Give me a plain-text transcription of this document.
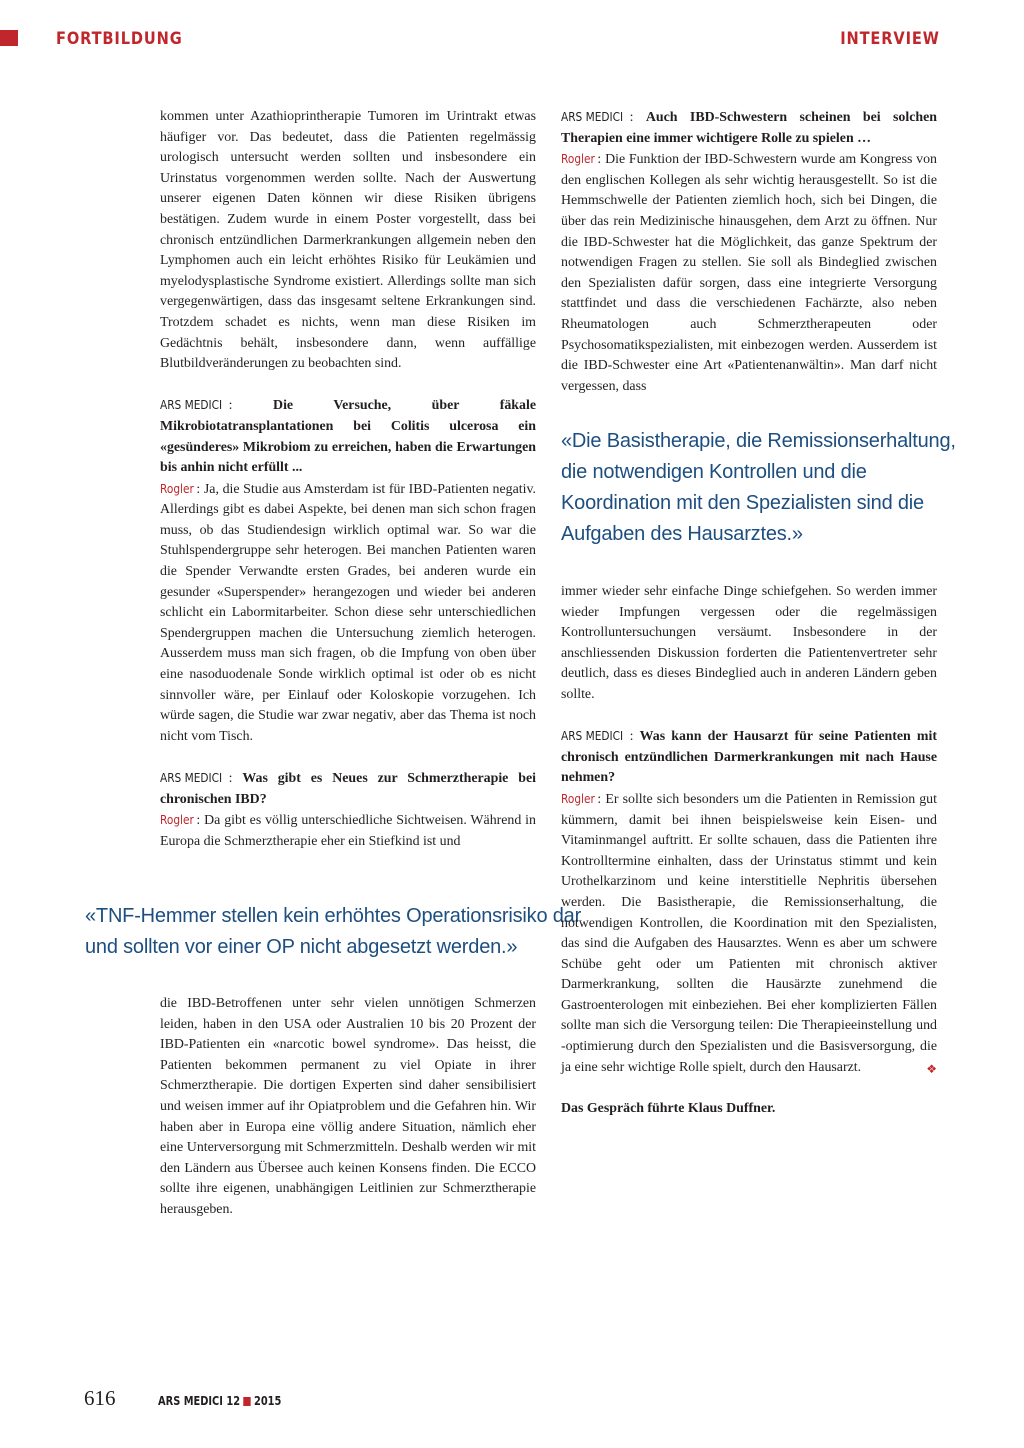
FORTBILDUNG	INTERVIEW

kommen unter Azathioprintherapie Tumoren im Urintrakt etwas häufiger vor. Das bedeutet, dass die Patienten regelmässig urologisch untersucht werden sollten und insbesondere ein Urinstatus vorgenommen werden sollte. Nach der Auswertung unserer eigenen Daten können wir diese Risiken übrigens bestätigen. Zudem wurde in einem Poster vorgestellt, dass bei chronisch entzündlichen Darmerkrankungen allgemein neben den Lymphomen auch ein leicht erhöhtes Risiko für Leukämien und myelodysplastische Syndrome existiert. Allerdings sollte man sich vergegenwärtigen, dass das insgesamt seltene Erkrankungen sind. Trotzdem schadet es nichts, wenn man diese Risiken im Gedächtnis behält, insbesondere dann, wenn auffällige Blutbildveränderungen zu beobachten sind.

ARS MEDICI : Die Versuche, über fäkale Mikrobiotatransplantationen bei Colitis ulcerosa ein «gesünderes» Mikrobiom zu erreichen, haben die Erwartungen bis anhin nicht erfüllt ...

Rogler : Ja, die Studie aus Amsterdam ist für IBD-Patienten negativ. Allerdings gibt es dabei Aspekte, bei denen man sich schon fragen muss, ob das Studiendesign wirklich optimal war. So war die Stuhlspendergruppe sehr heterogen. Bei manchen Patienten waren die Spender Verwandte ersten Grades, bei anderen wurde ein gesunder «Superspender» herangezogen und wieder bei anderen schlicht ein Labormitarbeiter. Schon diese sehr unterschiedlichen Spendergruppen machen die Untersuchung ziemlich heterogen. Ausserdem muss man sich fragen, ob die Impfung von oben über eine nasoduodenale Sonde wirklich optimal ist oder ob es nicht sinnvoller wäre, per Einlauf oder Koloskopie vorzugehen. Ich würde sagen, die Studie war zwar negativ, aber das Thema ist noch nicht vom Tisch.

ARS MEDICI : Was gibt es Neues zur Schmerztherapie bei chronischen IBD?

Rogler : Da gibt es völlig unterschiedliche Sichtweisen. Während in Europa die Schmerztherapie eher ein Stiefkind ist und

«TNF-Hemmer stellen kein erhöhtes Operationsrisiko dar und sollten vor einer OP nicht abgesetzt werden.»

die IBD-Betroffenen unter sehr vielen unnötigen Schmerzen leiden, haben in den USA oder Australien 10 bis 20 Prozent der IBD-Patienten ein «narcotic bowel syndrome». Das heisst, die Patienten bekommen permanent zu viel Opiate in ihrer Schmerztherapie. Die dortigen Experten sind daher sensibilisiert und weisen immer auf ihr Opiatproblem und die Gefahren hin. Wir haben aber in Europa eine völlig andere Situation, nämlich eher eine Unterversorgung mit Schmerzmitteln. Deshalb werden wir mit den Ländern aus Übersee auch keinen Konsens finden. Die ECCO sollte ihre eigenen, unabhängigen Leitlinien zur Schmerztherapie herausgeben.

ARS MEDICI : Auch IBD-Schwestern scheinen bei solchen Therapien eine immer wichtigere Rolle zu spielen …

Rogler : Die Funktion der IBD-Schwestern wurde am Kongress von den englischen Kollegen als sehr wichtig herausgestellt. So ist die Hemmschwelle der Patienten ziemlich hoch, sich bei Dingen, die über das rein Medizinische hinausgehen, dem Arzt zu öffnen. Nur die IBD-Schwester hat die Möglichkeit, das ganze Spektrum der notwendigen Fragen zu stellen. Sie soll als Bindeglied zwischen den Spezialisten dafür sorgen, dass eine integrierte Versorgung stattfindet und dass die verschiedenen Fachärzte, also neben Rheumatologen auch Schmerztherapeuten oder Psychosomatikspezialisten, mit einbezogen werden. Ausserdem ist die IBD-Schwester eine Art «Patientenanwältin». Man darf nicht vergessen, dass

«Die Basistherapie, die Remissionserhaltung, die notwendigen Kontrollen und die Koordination mit den Spezialisten sind die Aufgaben des Hausarztes.»

immer wieder sehr einfache Dinge schiefgehen. So werden immer wieder Impfungen vergessen oder die regelmässigen Kontrolluntersuchungen versäumt. Insbesondere in der anschliessenden Diskussion forderten die Patientenvertreter sehr deutlich, dass es dieses Bindeglied auch in anderen Ländern geben sollte.

ARS MEDICI : Was kann der Hausarzt für seine Patienten mit chronisch entzündlichen Darmerkrankungen mit nach Hause nehmen?

Rogler : Er sollte sich besonders um die Patienten in Remission gut kümmern, damit bei ihnen beispielsweise kein Eisen- und Vitaminmangel auftritt. Er sollte schauen, dass die Patienten ihre Kontrolltermine einhalten, dass der Urinstatus stimmt und kein Urothelkarzinom und keine interstitielle Nephritis übersehen werden. Die Basistherapie, die Remissionserhaltung, die notwendigen Kontrollen, die Koordination mit den Spezialisten, das sind die Aufgaben des Hausarztes. Wenn es aber um schwere Schübe geht oder um Patienten mit chronisch aktiver Darmerkrankung, sollten die Hausärzte zunehmend die Gastroenterologen mit einbeziehen. Bei eher komplizierten Fällen sollte man sich die Versorgung teilen: Die Therapieeinstellung und -optimierung durch den Spezialisten und die Basisversorgung, die ja eine sehr wichtige Rolle spielt, durch den Hausarzt.	❖

Das Gespräch führte Klaus Duffner.

616	ARS MEDICI 12 2015
